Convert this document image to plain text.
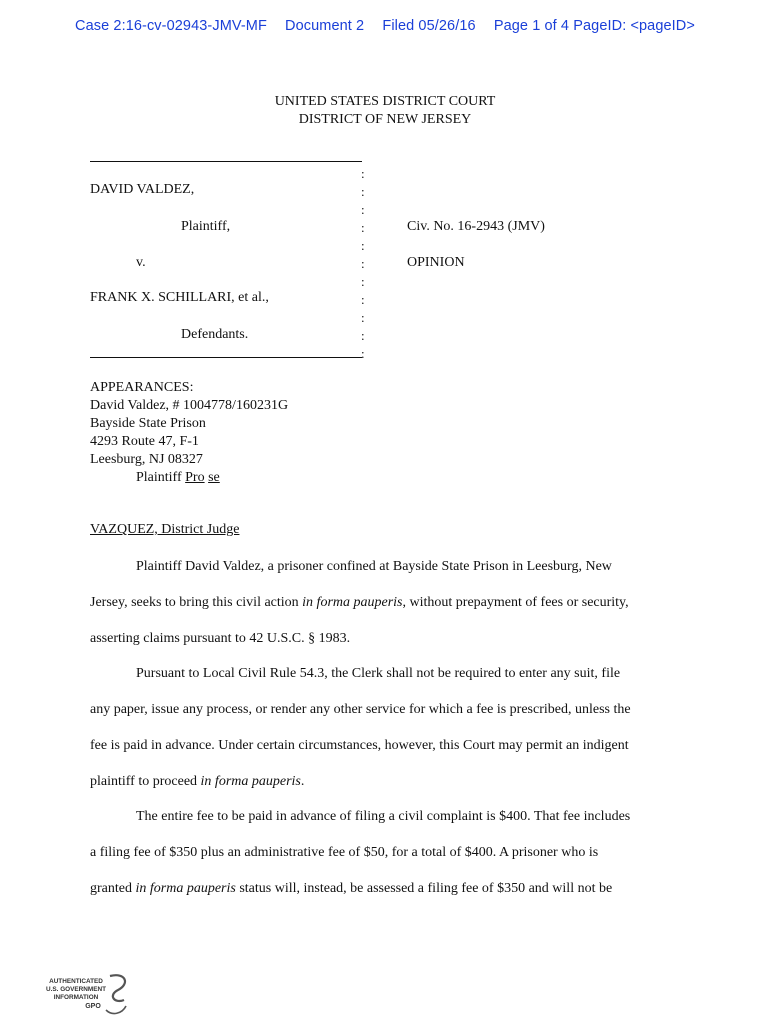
Case 2:16-cv-02943-JMV-MF Document 2 Filed 05/26/16 Page 1 of 4 PageID: <pageID>
UNITED STATES DISTRICT COURT
DISTRICT OF NEW JERSEY
DAVID VALDEZ,
Plaintiff,
v.
FRANK X. SCHILLARI, et al.,
Defendants.
Civ. No. 16-2943 (JMV)
OPINION
:
:
:
:
:
:
:
:
:
:
:
APPEARANCES:
David Valdez, # 1004778/160231G
Bayside State Prison
4293 Route 47, F-1
Leesburg, NJ 08327
Plaintiff Pro se
VAZQUEZ, District Judge
Plaintiff David Valdez, a prisoner confined at Bayside State Prison in Leesburg, New
Jersey, seeks to bring this civil action in forma pauperis, without prepayment of fees or security,
asserting claims pursuant to 42 U.S.C. § 1983.
Pursuant to Local Civil Rule 54.3, the Clerk shall not be required to enter any suit, file
any paper, issue any process, or render any other service for which a fee is prescribed, unless the
fee is paid in advance. Under certain circumstances, however, this Court may permit an indigent
plaintiff to proceed in forma pauperis.
The entire fee to be paid in advance of filing a civil complaint is $400. That fee includes
a filing fee of $350 plus an administrative fee of $50, for a total of $400. A prisoner who is
granted in forma pauperis status will, instead, be assessed a filing fee of $350 and will not be
AUTHENTICATED
U.S. GOVERNMENT
INFORMATION
GPO
